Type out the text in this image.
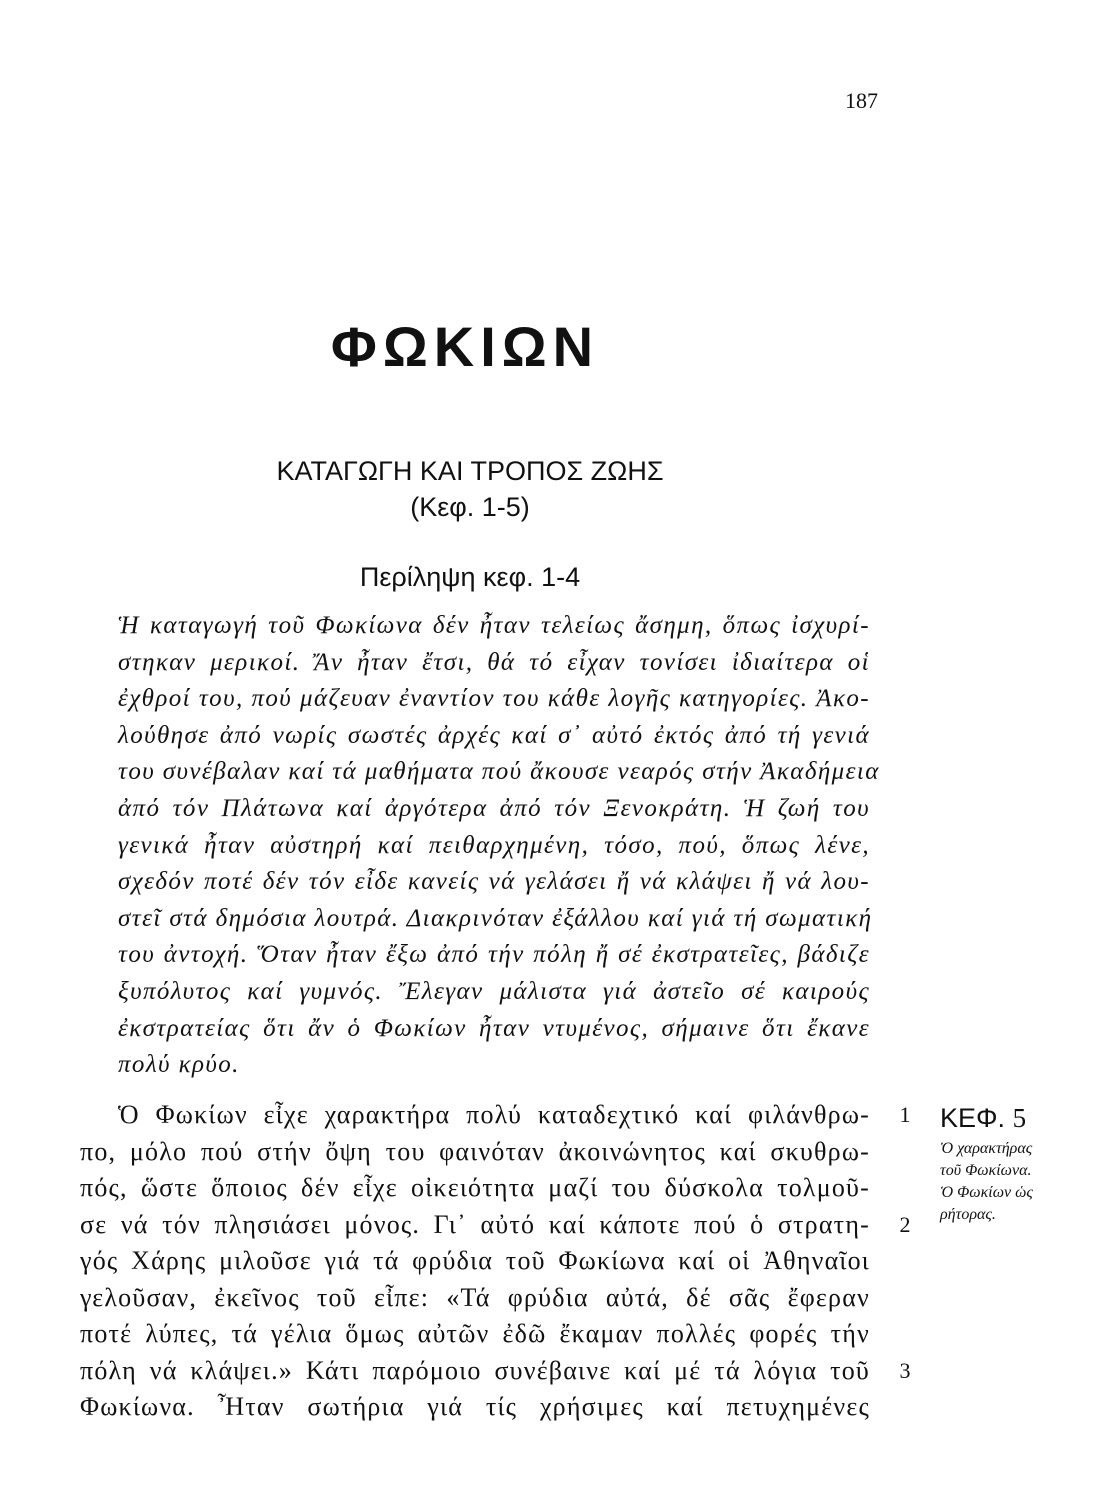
187
ΦΩΚΙΩΝ
ΚΑΤΑΓΩΓΗ ΚΑΙ ΤΡΟΠΟΣ ΖΩΗΣ
(Κεφ. 1-5)
Περίληψη κεφ. 1-4
Ἡ καταγωγή τοῦ Φωκίωνα δέν ἦταν τελείως ἄσημη, ὅπως ἰσχυρί-
στηκαν μερικοί. Ἄν ἦταν ἔτσι, θά τό εἶχαν τονίσει ἰδιαίτερα οἱ
ἐχθροί του, πού μάζευαν ἐναντίον του κάθε λογῆς κατηγορίες. Ἀκο-
λούθησε ἀπό νωρίς σωστές ἀρχές καί σ᾿ αὐτό ἐκτός ἀπό τή γενιά
του συνέβαλαν καί τά μαθήματα πού ἄκουσε νεαρός στήν Ἀκαδήμεια
ἀπό τόν Πλάτωνα καί ἀργότερα ἀπό τόν Ξενοκράτη. Ἡ ζωή του
γενικά ἦταν αὐστηρή καί πειθαρχημένη, τόσο, πού, ὅπως λένε,
σχεδόν ποτέ δέν τόν εἶδε κανείς νά γελάσει ἤ νά κλάψει ἤ νά λου-
στεῖ στά δημόσια λουτρά. Διακρινόταν ἐξάλλου καί γιά τή σωματική
του ἀντοχή. Ὅταν ἦταν ἔξω ἀπό τήν πόλη ἤ σέ ἐκστρατεῖες, βάδιζε
ξυπόλυτος καί γυμνός. Ἔλεγαν μάλιστα γιά ἀστεῖο σέ καιρούς
ἐκστρατείας ὅτι ἄν ὁ Φωκίων ἦταν ντυμένος, σήμαινε ὅτι ἔκανε
πολύ κρύο.
Ὁ Φωκίων εἶχε χαρακτήρα πολύ καταδεχτικό καί φιλάνθρω-
πο, μόλο πού στήν ὄψη του φαινόταν ἀκοινώνητος καί σκυθρω-
πός, ὥστε ὅποιος δέν εἶχε οἰκειότητα μαζί του δύσκολα τολμοῦ-
σε νά τόν πλησιάσει μόνος. Γι᾿ αὐτό καί κάποτε πού ὁ στρατη-
γός Χάρης μιλοῦσε γιά τά φρύδια τοῦ Φωκίωνα καί οἱ Ἀθηναῖοι
γελοῦσαν, ἐκεῖνος τοῦ εἶπε: «Τά φρύδια αὐτά, δέ σᾶς ἔφεραν
ποτέ λύπες, τά γέλια ὅμως αὐτῶν ἐδῶ ἔκαμαν πολλές φορές τήν
πόλη νά κλάψει.» Κάτι παρόμοιο συνέβαινε καί μέ τά λόγια τοῦ
Φωκίωνα. Ἦταν σωτήρια γιά τίς χρήσιμες καί πετυχημένες
1
2
3
ΚΕΦ. 5
Ὁ χαρακτήρας
τοῦ Φωκίωνα.
Ὁ Φωκίων ὡς
ρήτορας.
